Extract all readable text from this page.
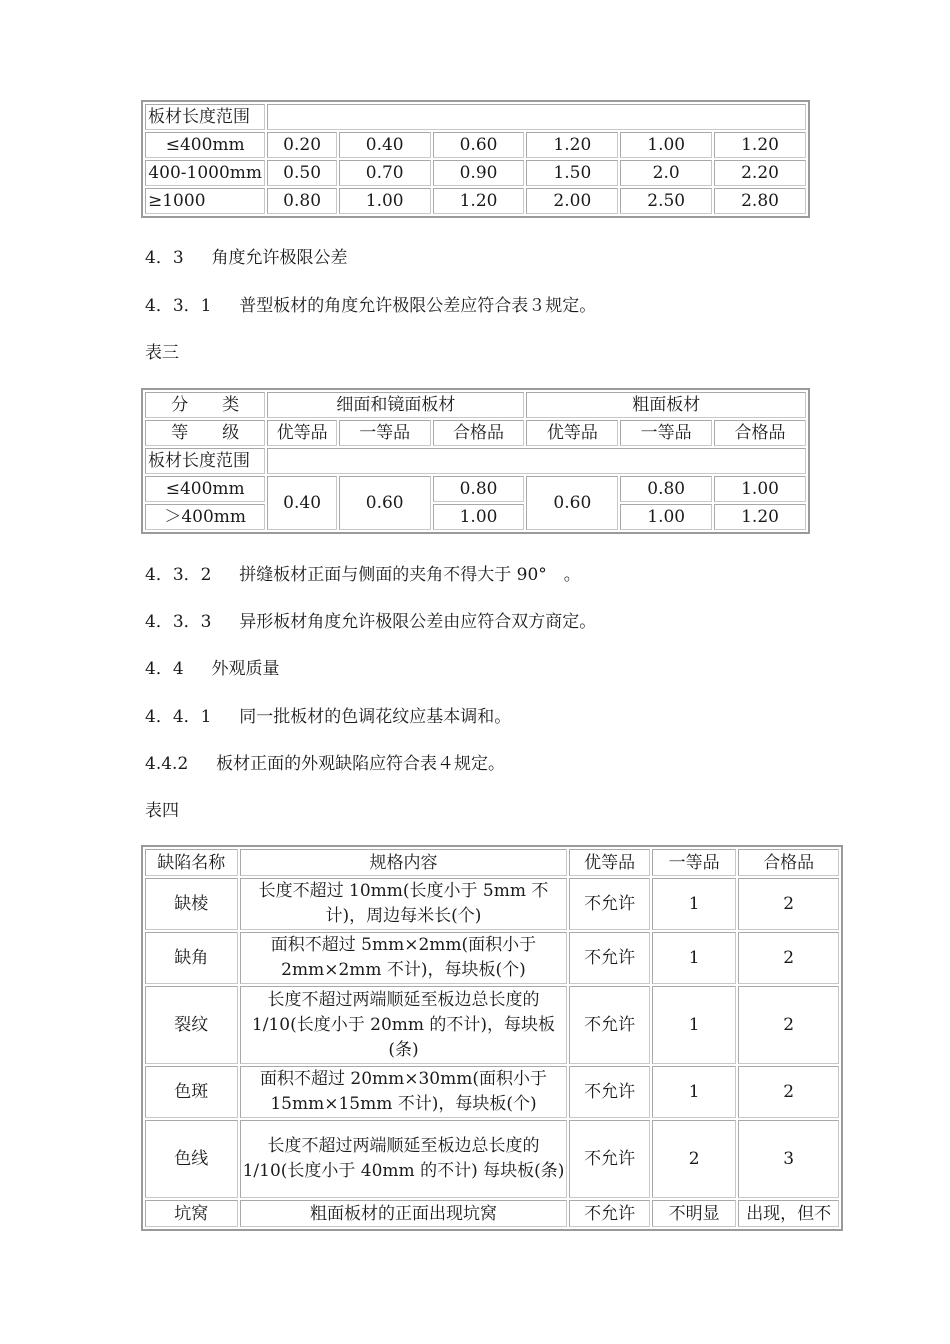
板材长度范围						
≤400mm	0.20	0.40	0.60	1.20	1.00	1.20
400-1000mm	0.50	0.70	0.90	1.50	2.0	2.20
≥1000	0.80	1.00	1.20	2.00	2.50	2.80

4．3　  角度允许极限公差

4．3．1　  普型板材的角度允许极限公差应符合表３规定。

表三

分　　类	细面和镜面板材			粗面板材		
等　　级	优等品	一等品	合格品	优等品	一等品	合格品
板材长度范围						
≤400mm	0.40	0.60	0.80	0.60	0.80	1.00
＞400mm			1.00		1.00	1.20

4．3．2　  拼缝板材正面与侧面的夹角不得大于 90°　。

4．3．3　  异形板材角度允许极限公差由应符合双方商定。

4．4　  外观质量

4．4．1　  同一批板材的色调花纹应基本调和。

4.4.2　  板材正面的外观缺陷应符合表４规定。

表四

缺陷名称	规格内容	优等品	一等品	合格品
缺棱	长度不超过 10mm(长度小于 5mm 不计)，周边每米长(个)	不允许	1	2
缺角	面积不超过 5mm×2mm(面积小于 2mm×2mm 不计)，每块板(个)	不允许	1	2
裂纹	长度不超过两端顺延至板边总长度的 1/10(长度小于 20mm 的不计)，每块板(条)	不允许	1	2
色斑	面积不超过 20mm×30mm(面积小于 15mm×15mm 不计)，每块板(个)	不允许	1	2
色线	长度不超过两端顺延至板边总长度的 1/10(长度小于 40mm 的不计) 每块板(条)	不允许	2	3
坑窝	粗面板材的正面出现坑窝	不允许	不明显	出现，但不
